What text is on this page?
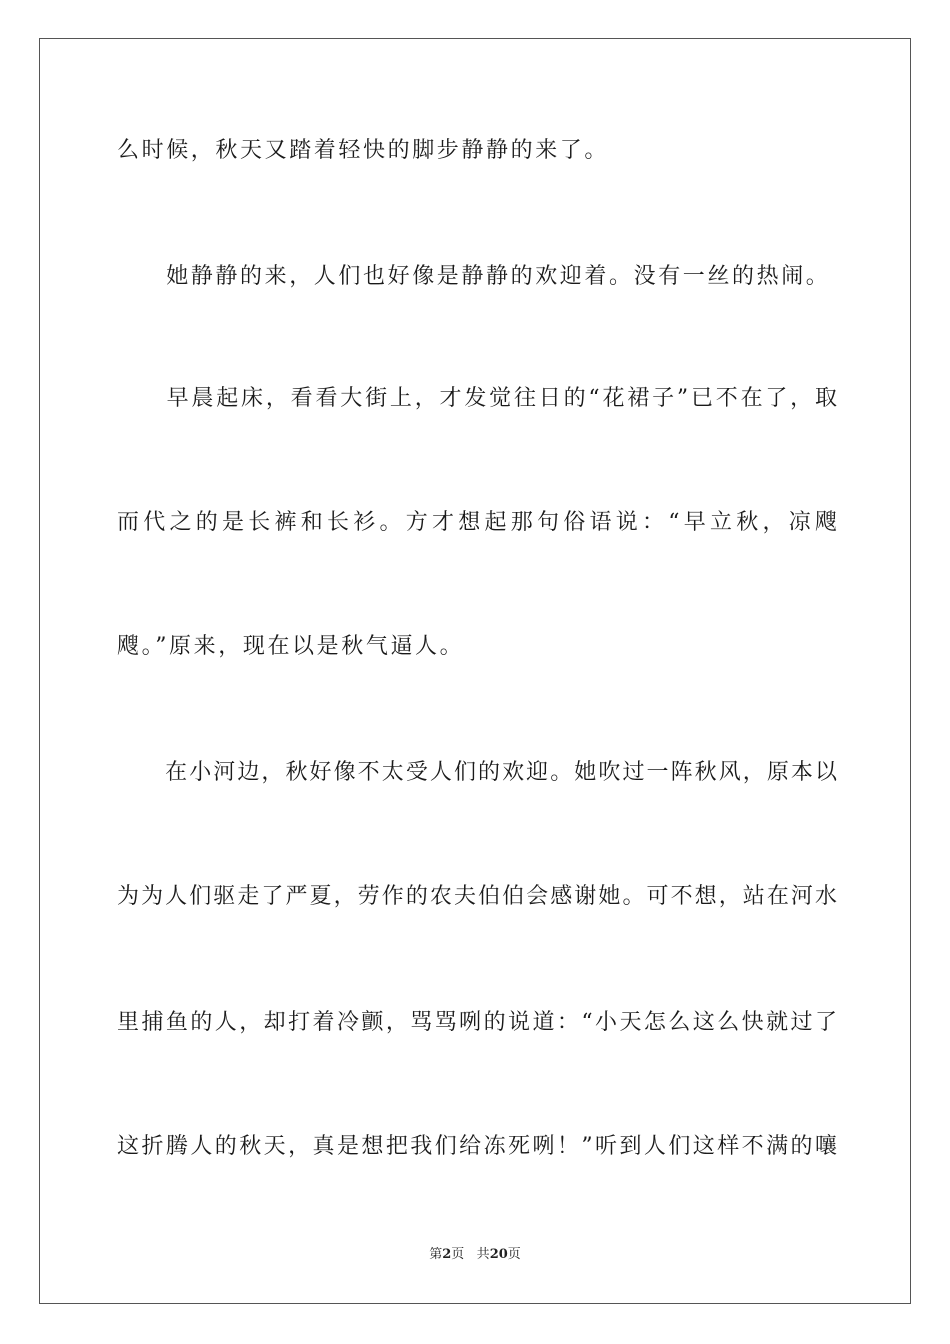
么时候，秋天又踏着轻快的脚步静静的来了。
　　她静静的来，人们也好像是静静的欢迎着。没有一丝的热闹。
　　早晨起床，看看大街上，才发觉往日的“花裙子”已不在了，取
而代之的是长裤和长衫。方才想起那句俗语说：“早立秋，凉飕
飕。”原来，现在以是秋气逼人。
　　在小河边，秋好像不太受人们的欢迎。她吹过一阵秋风，原本以
为为人们驱走了严夏，劳作的农夫伯伯会感谢她。可不想，站在河水
里捕鱼的人，却打着冷颤，骂骂咧的说道：“小天怎么这么快就过了
这折腾人的秋天，真是想把我们给冻死咧！”听到人们这样不满的嚷
第2页 共20页
